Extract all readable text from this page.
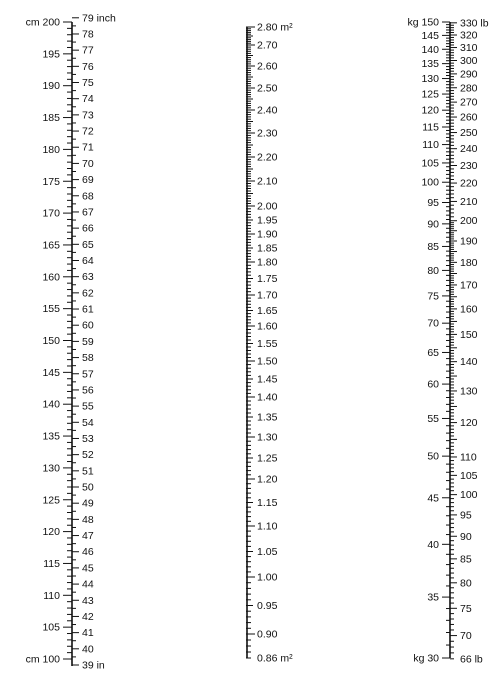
cm 200
195
190
185
180
175
170
165
160
155
150
145
140
135
130
125
120
115
110
105
cm 100
79 inch
78
77
76
75
74
73
72
71
70
69
68
67
66
65
64
63
62
61
60
59
58
57
56
55
54
53
52
51
50
49
48
47
46
45
44
43
42
41
40
39 in
2.80 m²
2.70
2.60
2.50
2.40
2.30
2.20
2.10
2.00
1.95
1.90
1.85
1.80
1.75
1.70
1.65
1.60
1.55
1.50
1.45
1.40
1.35
1.30
1.25
1.20
1.15
1.10
1.05
1.00
0.95
0.90
0.86 m²
kg 150
145
140
135
130
125
120
115
110
105
100
95
90
85
80
75
70
65
60
55
50
45
40
35
kg 30
330 lb
320
310
300
290
280
270
260
250
240
230
220
210
200
190
180
170
160
150
140
130
120
110
105
100
95
90
85
80
75
70
66 lb
